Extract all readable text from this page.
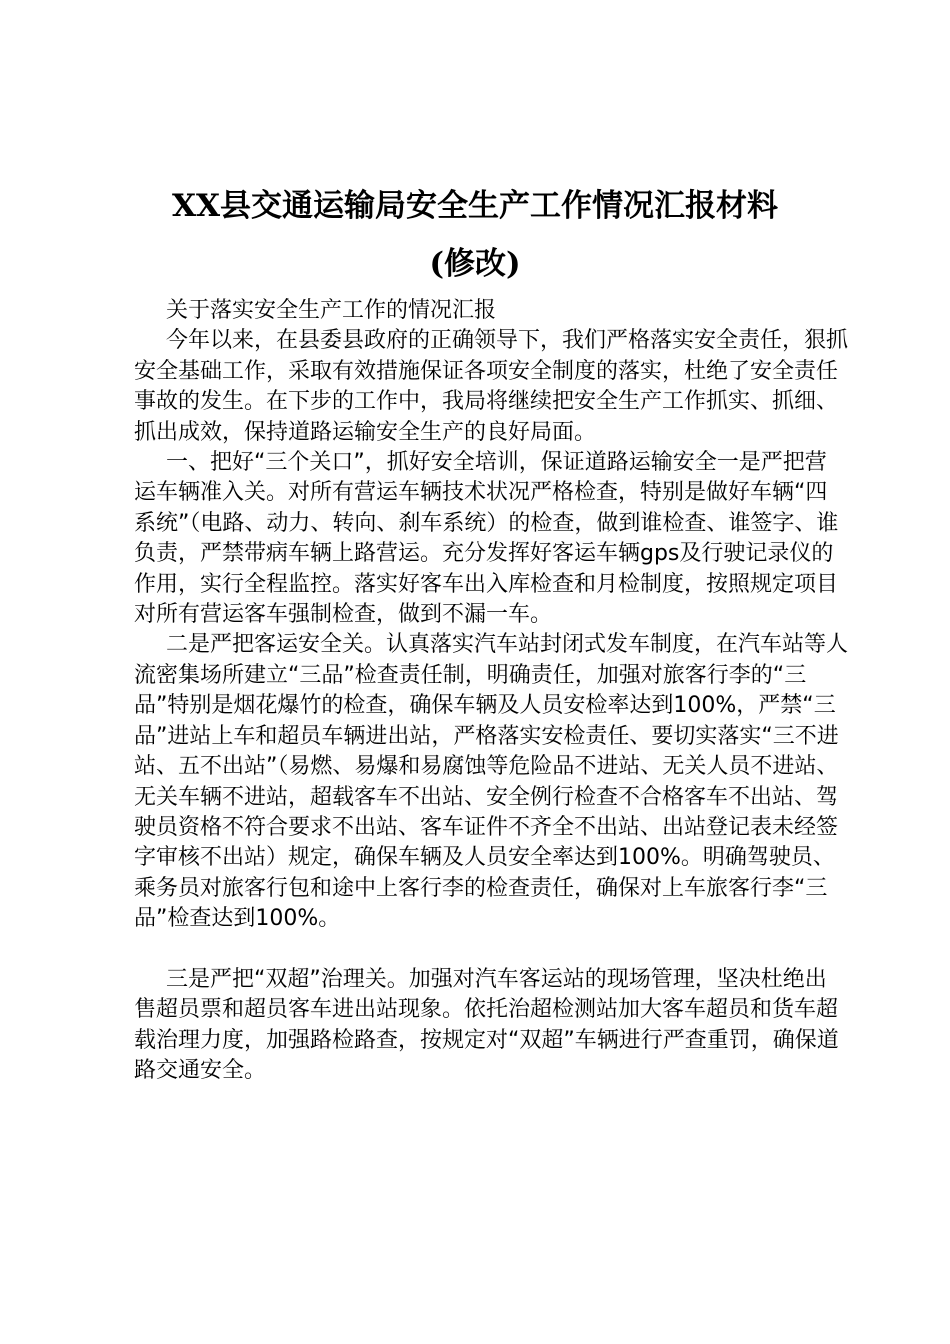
XX县交通运输局安全生产工作情况汇报材料
(修改)

关于落实安全生产工作的情况汇报

今年以来，在县委县政府的正确领导下，我们严格落实安全责任，狠抓安全基础工作，采取有效措施保证各项安全制度的落实，杜绝了安全责任事故的发生。在下步的工作中，我局将继续把安全生产工作抓实、抓细、抓出成效，保持道路运输安全生产的良好局面。

一、把好“三个关口”，抓好安全培训，保证道路运输安全一是严把营运车辆准入关。对所有营运车辆技术状况严格检查，特别是做好车辆“四系统”（电路、动力、转向、刹车系统）的检查，做到谁检查、谁签字、谁负责，严禁带病车辆上路营运。充分发挥好客运车辆gps及行驶记录仪的作用，实行全程监控。落实好客车出入库检查和月检制度，按照规定项目对所有营运客车强制检查，做到不漏一车。

二是严把客运安全关。认真落实汽车站封闭式发车制度，在汽车站等人流密集场所建立“三品”检查责任制，明确责任，加强对旅客行李的“三品”特别是烟花爆竹的检查，确保车辆及人员安检率达到100%，严禁“三品”进站上车和超员车辆进出站，严格落实安检责任、要切实落实“三不进站、五不出站”（易燃、易爆和易腐蚀等危险品不进站、无关人员不进站、无关车辆不进站，超载客车不出站、安全例行检查不合格客车不出站、驾驶员资格不符合要求不出站、客车证件不齐全不出站、出站登记表未经签字审核不出站）规定，确保车辆及人员安全率达到100%。明确驾驶员、乘务员对旅客行包和途中上客行李的检查责任，确保对上车旅客行李“三品”检查达到100%。

三是严把“双超”治理关。加强对汽车客运站的现场管理，坚决杜绝出售超员票和超员客车进出站现象。依托治超检测站加大客车超员和货车超载治理力度，加强路检路查，按规定对“双超”车辆进行严查重罚，确保道路交通安全。
